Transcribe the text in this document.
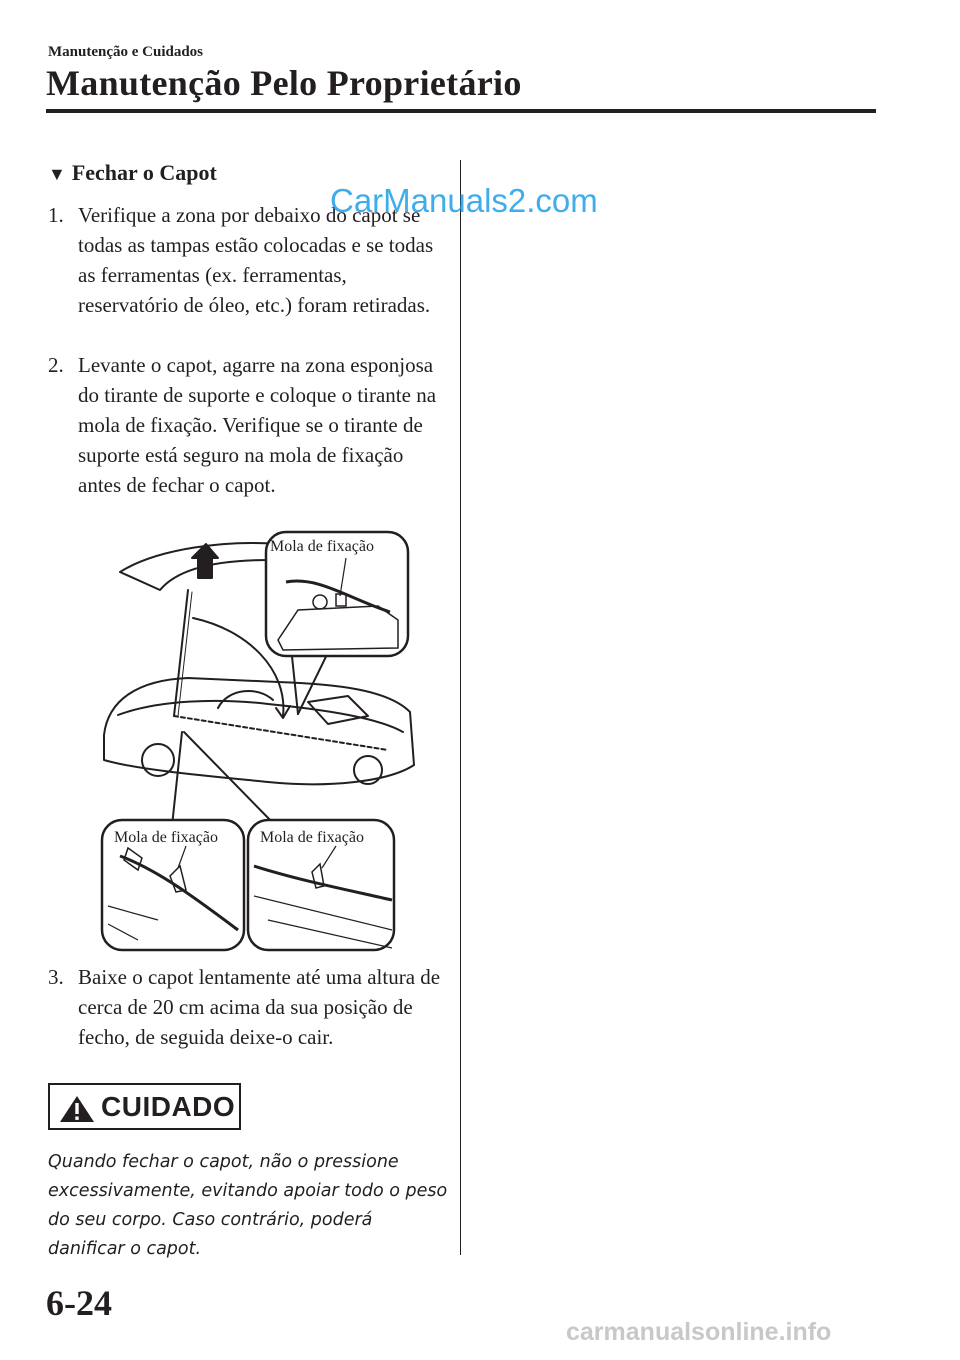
Manutenção e Cuidados
Manutenção Pelo Proprietário
▼ Fechar o Capot
1. Verifique a zona por debaixo do capot se todas as tampas estão colocadas e se todas as ferramentas (ex. ferramentas, reservatório de óleo, etc.) foram retiradas.
2. Levante o capot, agarre na zona esponjosa do tirante de suporte e coloque o tirante na mola de fixação. Verifique se o tirante de suporte está seguro na mola de fixação antes de fechar o capot.
Mola de fixação
Mola de fixação	Mola de fixação
3. Baixe o capot lentamente até uma altura de cerca de 20 cm acima da sua posição de fecho, de seguida deixe-o cair.
CUIDADO
Quando fechar o capot, não o pressione excessivamente, evitando apoiar todo o peso do seu corpo. Caso contrário, poderá danificar o capot.
6-24
CarManuals2.com
carmanualsonline.info
